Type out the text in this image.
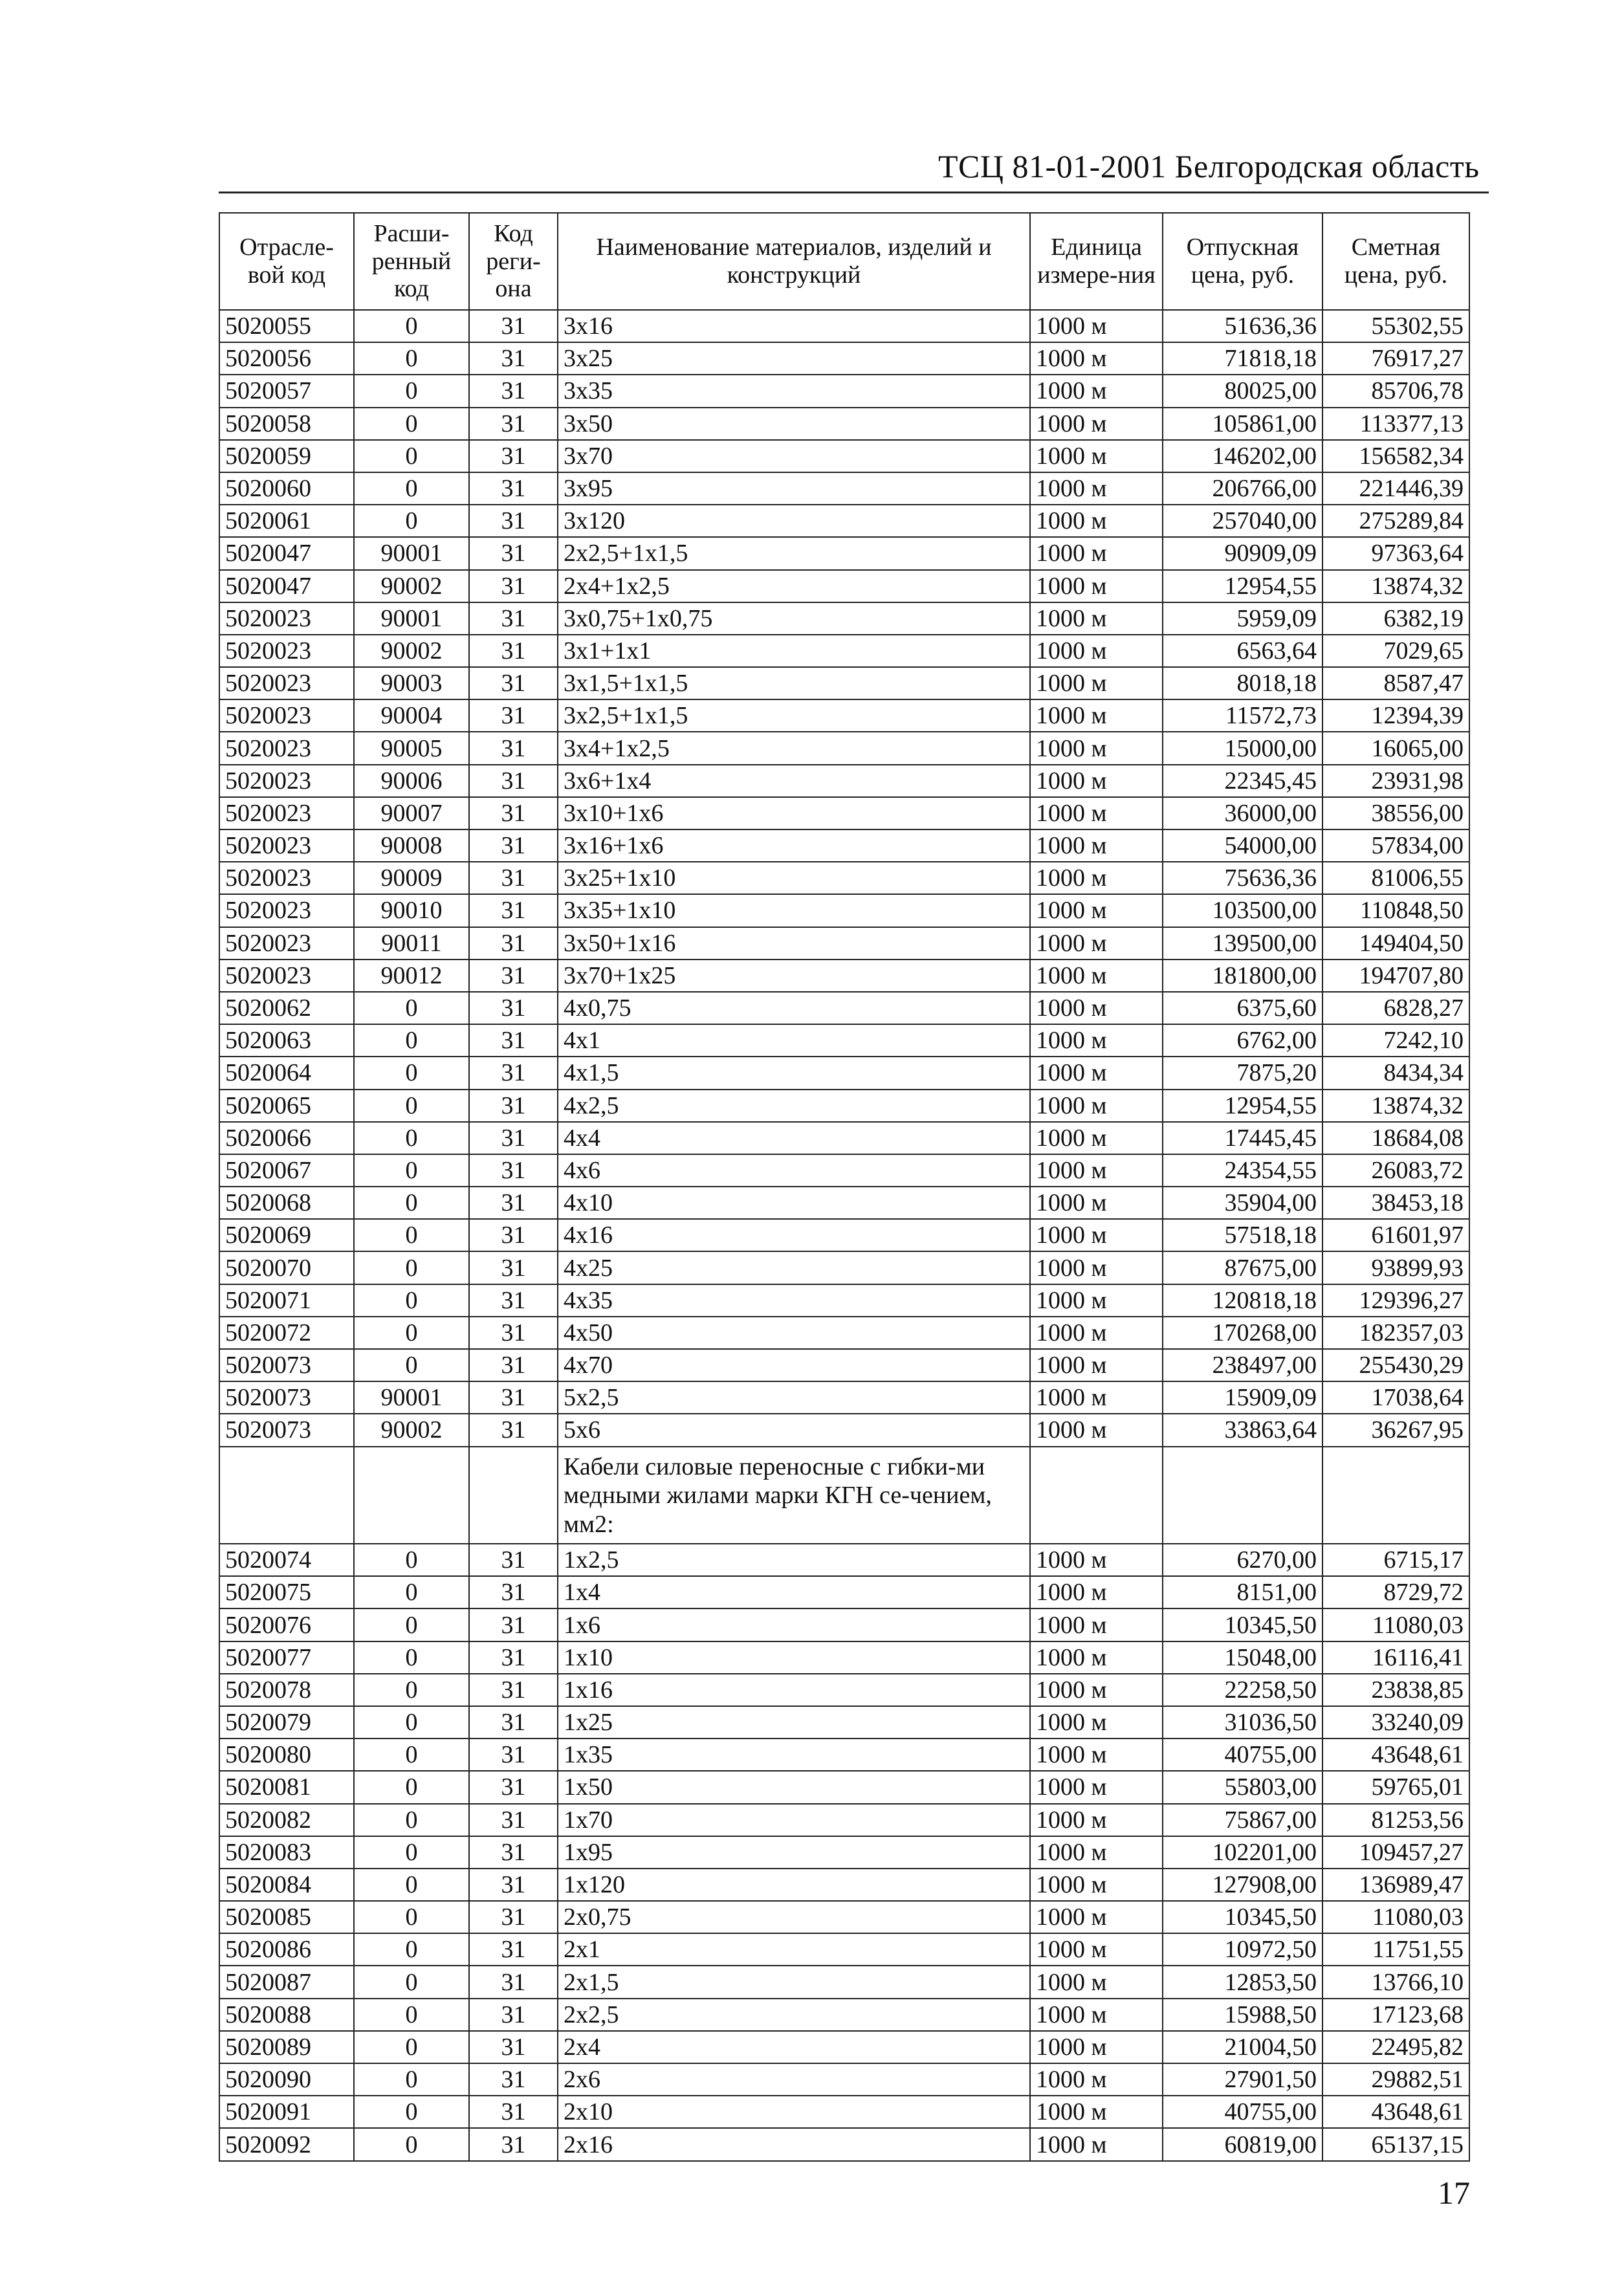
ТСЦ 81-01-2001 Белгородская область
Отрасле-вой код	Расши-ренный код	Код реги-она	Наименование материалов, изделий и конструкций	Единица измере-ния	Отпускная цена, руб.	Сметная цена, руб.
5020055	0	31	3x16	1000 м	51636,36	55302,55
5020056	0	31	3x25	1000 м	71818,18	76917,27
5020057	0	31	3x35	1000 м	80025,00	85706,78
5020058	0	31	3x50	1000 м	105861,00	113377,13
5020059	0	31	3x70	1000 м	146202,00	156582,34
5020060	0	31	3x95	1000 м	206766,00	221446,39
5020061	0	31	3x120	1000 м	257040,00	275289,84
5020047	90001	31	2x2,5+1x1,5	1000 м	90909,09	97363,64
5020047	90002	31	2x4+1x2,5	1000 м	12954,55	13874,32
5020023	90001	31	3x0,75+1x0,75	1000 м	5959,09	6382,19
5020023	90002	31	3x1+1x1	1000 м	6563,64	7029,65
5020023	90003	31	3x1,5+1x1,5	1000 м	8018,18	8587,47
5020023	90004	31	3x2,5+1x1,5	1000 м	11572,73	12394,39
5020023	90005	31	3x4+1x2,5	1000 м	15000,00	16065,00
5020023	90006	31	3x6+1x4	1000 м	22345,45	23931,98
5020023	90007	31	3x10+1x6	1000 м	36000,00	38556,00
5020023	90008	31	3x16+1x6	1000 м	54000,00	57834,00
5020023	90009	31	3x25+1x10	1000 м	75636,36	81006,55
5020023	90010	31	3x35+1x10	1000 м	103500,00	110848,50
5020023	90011	31	3x50+1x16	1000 м	139500,00	149404,50
5020023	90012	31	3x70+1x25	1000 м	181800,00	194707,80
5020062	0	31	4x0,75	1000 м	6375,60	6828,27
5020063	0	31	4x1	1000 м	6762,00	7242,10
5020064	0	31	4x1,5	1000 м	7875,20	8434,34
5020065	0	31	4x2,5	1000 м	12954,55	13874,32
5020066	0	31	4x4	1000 м	17445,45	18684,08
5020067	0	31	4x6	1000 м	24354,55	26083,72
5020068	0	31	4x10	1000 м	35904,00	38453,18
5020069	0	31	4x16	1000 м	57518,18	61601,97
5020070	0	31	4x25	1000 м	87675,00	93899,93
5020071	0	31	4x35	1000 м	120818,18	129396,27
5020072	0	31	4x50	1000 м	170268,00	182357,03
5020073	0	31	4x70	1000 м	238497,00	255430,29
5020073	90001	31	5x2,5	1000 м	15909,09	17038,64
5020073	90002	31	5x6	1000 м	33863,64	36267,95
			Кабели силовые переносные с гибки-ми медными жилами марки КГН се-чением, мм2:			
5020074	0	31	1x2,5	1000 м	6270,00	6715,17
5020075	0	31	1x4	1000 м	8151,00	8729,72
5020076	0	31	1x6	1000 м	10345,50	11080,03
5020077	0	31	1x10	1000 м	15048,00	16116,41
5020078	0	31	1x16	1000 м	22258,50	23838,85
5020079	0	31	1x25	1000 м	31036,50	33240,09
5020080	0	31	1x35	1000 м	40755,00	43648,61
5020081	0	31	1x50	1000 м	55803,00	59765,01
5020082	0	31	1x70	1000 м	75867,00	81253,56
5020083	0	31	1x95	1000 м	102201,00	109457,27
5020084	0	31	1x120	1000 м	127908,00	136989,47
5020085	0	31	2x0,75	1000 м	10345,50	11080,03
5020086	0	31	2x1	1000 м	10972,50	11751,55
5020087	0	31	2x1,5	1000 м	12853,50	13766,10
5020088	0	31	2x2,5	1000 м	15988,50	17123,68
5020089	0	31	2x4	1000 м	21004,50	22495,82
5020090	0	31	2x6	1000 м	27901,50	29882,51
5020091	0	31	2x10	1000 м	40755,00	43648,61
5020092	0	31	2x16	1000 м	60819,00	65137,15
17
